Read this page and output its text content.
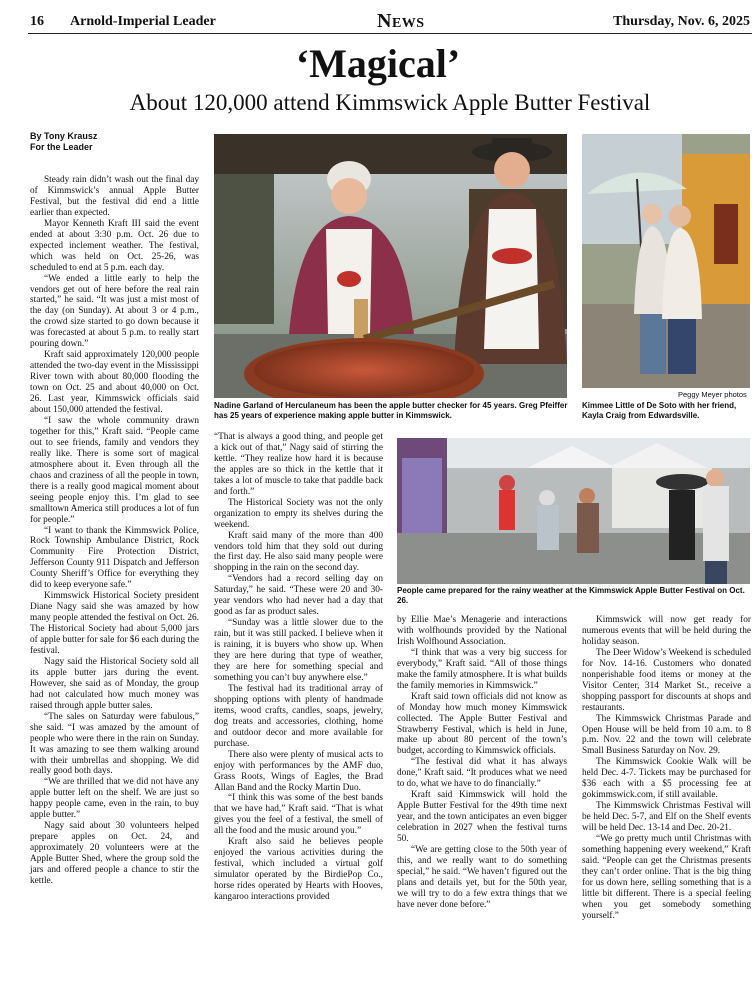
16 Arnold-Imperial Leader	News	Thursday, Nov. 6, 2025
‘Magical’
About 120,000 attend Kimmswick Apple Butter Festival

By Tony Krausz
For the Leader

Steady rain didn’t wash out the final day of Kimmswick’s annual Apple Butter Festival, but the festival did end a little earlier than expected.

Mayor Kenneth Kraft III said the event ended at about 3:30 p.m. Oct. 26 due to expected inclement weather. The festival, which was held on Oct. 25-26, was scheduled to end at 5 p.m. each day.

“We ended a little early to help the vendors get out of here before the real rain started,” he said. “It was just a mist most of the day (on Sunday). At about 3 or 4 p.m., the crowd size started to go down because it was forecasted at about 5 p.m. to really start pouring down.”

Kraft said approximately 120,000 people attended the two-day event in the Mississippi River town with about 80,000 flooding the town on Oct. 25 and about 40,000 on Oct. 26. Last year, Kimmswick officials said about 150,000 attended the festival.

“I saw the whole community drawn together for this,” Kraft said. “People came out to see friends, family and vendors they really like. There is some sort of magical atmosphere about it. Even through all the chaos and craziness of all the people in town, there is a really good magical moment about seeing people enjoy this. I’m glad to see smalltown America still produces a lot of fun for people.”

“I want to thank the Kimmswick Police, Rock Township Ambulance District, Rock Community Fire Protection District, Jefferson County 911 Dispatch and Jefferson County Sheriff’s Office for everything they did to keep everyone safe.”

Kimmswick Historical Society president Diane Nagy said she was amazed by how many people attended the festival on Oct. 26. The Historical Society had about 5,000 jars of apple butter for sale for $6 each during the festival.

Nagy said the Historical Society sold all its apple butter jars during the event. However, she said as of Monday, the group had not calculated how much money was raised through apple butter sales.

“The sales on Saturday were fabulous,” she said. “I was amazed by the amount of people who were there in the rain on Sunday. It was amazing to see them walking around with their umbrellas and shopping. We did really good both days.

“We are thrilled that we did not have any apple butter left on the shelf. We are just so happy people came, even in the rain, to buy apple butter.”

Nagy said about 30 volunteers helped prepare apples on Oct. 24, and approximately 20 volunteers were at the Apple Butter Shed, where the group sold the jars and offered people a chance to stir the kettle.

Nadine Garland of Herculaneum has been the apple butter checker for 45 years. Greg Pfeiffer has 25 years of experience making apple butter in Kimmswick.
Peggy Meyer photos
Kimmee Little of De Soto with her friend, Kayla Craig from Edwardsville.
People came prepared for the rainy weather at the Kimmswick Apple Butter Festival on Oct. 26.

“That is always a good thing, and people get a kick out of that,” Nagy said of stirring the kettle. “They realize how hard it is because the apples are so thick in the kettle that it takes a lot of muscle to take that paddle back and forth.”

The Historical Society was not the only organization to empty its shelves during the weekend.

Kraft said many of the more than 400 vendors told him that they sold out during the first day. He also said many people were shopping in the rain on the second day.

“Vendors had a record selling day on Saturday,” he said. “These were 20 and 30-year vendors who had never had a day that good as far as product sales.

“Sunday was a little slower due to the rain, but it was still packed. I believe when it is raining, it is buyers who show up. When they are here during that type of weather, they are here for something special and something you can’t buy anywhere else.”

The festival had its traditional array of shopping options with plenty of handmade items, wood crafts, candles, soaps, jewelry, dog treats and accessories, clothing, home and outdoor decor and more available for purchase.

There also were plenty of musical acts to enjoy with performances by the AMF duo, Grass Roots, Wings of Eagles, the Brad Allan Band and the Rocky Martin Duo.

“I think this was some of the best bands that we have had,” Kraft said. “That is what gives you the feel of a festival, the smell of all the food and the music around you.”

Kraft also said he believes people enjoyed the various activities during the festival, which included a virtual golf simulator operated by the BirdiePop Co., horse rides operated by Hearts with Hooves, kangaroo interactions provided

by Ellie Mae’s Menagerie and interactions with wolfhounds provided by the National Irish Wolfhound Association.

“I think that was a very big success for everybody,” Kraft said. “All of those things make the family atmosphere. It is what builds the family memories in Kimmswick.”

Kraft said town officials did not know as of Monday how much money Kimmswick collected. The Apple Butter Festival and Strawberry Festival, which is held in June, make up about 80 percent of the town’s budget, according to Kimmswick officials.

“The festival did what it has always done,” Kraft said. “It produces what we need to do, what we have to do financially.”

Kraft said Kimmswick will hold the Apple Butter Festival for the 49th time next year, and the town anticipates an even bigger celebration in 2027 when the festival turns 50.

“We are getting close to the 50th year of this, and we really want to do something special,” he said. “We haven’t figured out the plans and details yet, but for the 50th year, we will try to do a few extra things that we have never done before.”

Kimmswick will now get ready for numerous events that will be held during the holiday season.

The Deer Widow’s Weekend is scheduled for Nov. 14-16. Customers who donated nonperishable food items or money at the Visitor Center, 314 Market St., receive a shopping passport for discounts at shops and restaurants.

The Kimmswick Christmas Parade and Open House will be held from 10 a.m. to 8 p.m. Nov. 22 and the town will celebrate Small Business Saturday on Nov. 29.

The Kimmswick Cookie Walk will be held Dec. 4-7. Tickets may be purchased for $36 each with a $5 processing fee at gokimmswick.com, if still available.

The Kimmswick Christmas Festival will be held Dec. 5-7, and Elf on the Shelf events will be held Dec. 13-14 and Dec. 20-21.

“We go pretty much until Christmas with something happening every weekend,” Kraft said. “People can get the Christmas presents they can’t order online. That is the big thing for us down here, selling something that is a little bit different. There is a special feeling when you get somebody something yourself.”
